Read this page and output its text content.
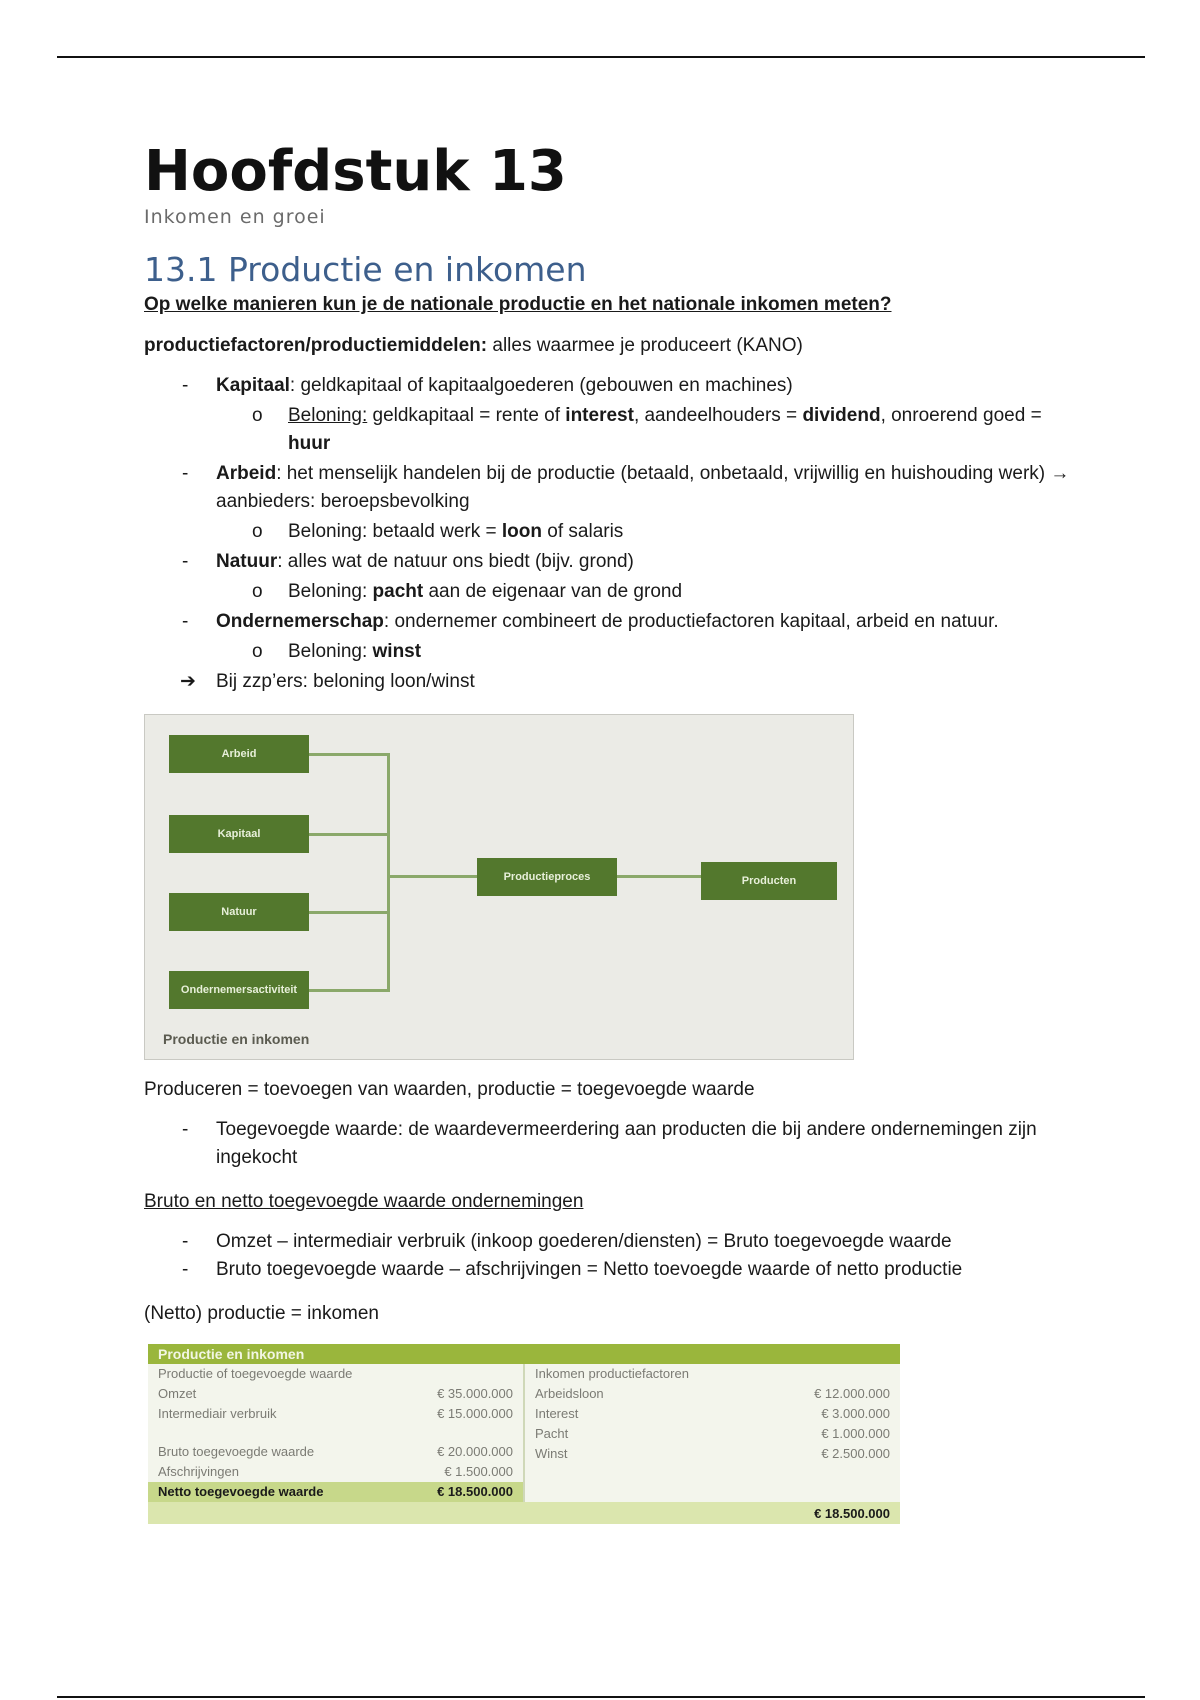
Hoofdstuk 13
Inkomen en groei
13.1 Productie en inkomen
Op welke manieren kun je de nationale productie en het nationale inkomen meten?

productiefactoren/productiemiddelen: alles waarmee je produceert (KANO)

- Kapitaal: geldkapitaal of kapitaalgoederen (gebouwen en machines)
o Beloning: geldkapitaal = rente of interest, aandeelhouders = dividend, onroerend goed = huur
- Arbeid: het menselijk handelen bij de productie (betaald, onbetaald, vrijwillig en huishouding werk) → aanbieders: beroepsbevolking
o Beloning: betaald werk = loon of salaris
- Natuur: alles wat de natuur ons biedt (bijv. grond)
o Beloning: pacht aan de eigenaar van de grond
- Ondernemerschap: ondernemer combineert de productiefactoren kapitaal, arbeid en natuur.
o Beloning: winst
➔ Bij zzp’ers: beloning loon/winst
Arbeid
Kapitaal
Natuur
Ondernemersactiviteit
Productieproces	Producten
Productie en inkomen

Produceren = toevoegen van waarden, productie = toegevoegde waarde

- Toegevoegde waarde: de waardevermeerdering aan producten die bij andere ondernemingen zijn ingekocht

Bruto en netto toegevoegde waarde ondernemingen

- Omzet – intermediair verbruik (inkoop goederen/diensten) = Bruto toegevoegde waarde
- Bruto toegevoegde waarde – afschrijvingen = Netto toevoegde waarde of netto productie

(Netto) productie = inkomen

Productie en inkomen
Productie of toegevoegde waarde
Omzet	€ 35.000.000
Intermediair verbruik	€ 15.000.000
Bruto toegevoegde waarde	€ 20.000.000
Afschrijvingen	€ 1.500.000
Netto toegevoegde waarde	€ 18.500.000
Inkomen productiefactoren
Arbeidsloon	€ 12.000.000
Interest	€ 3.000.000
Pacht	€ 1.000.000
Winst	€ 2.500.000
€ 18.500.000
